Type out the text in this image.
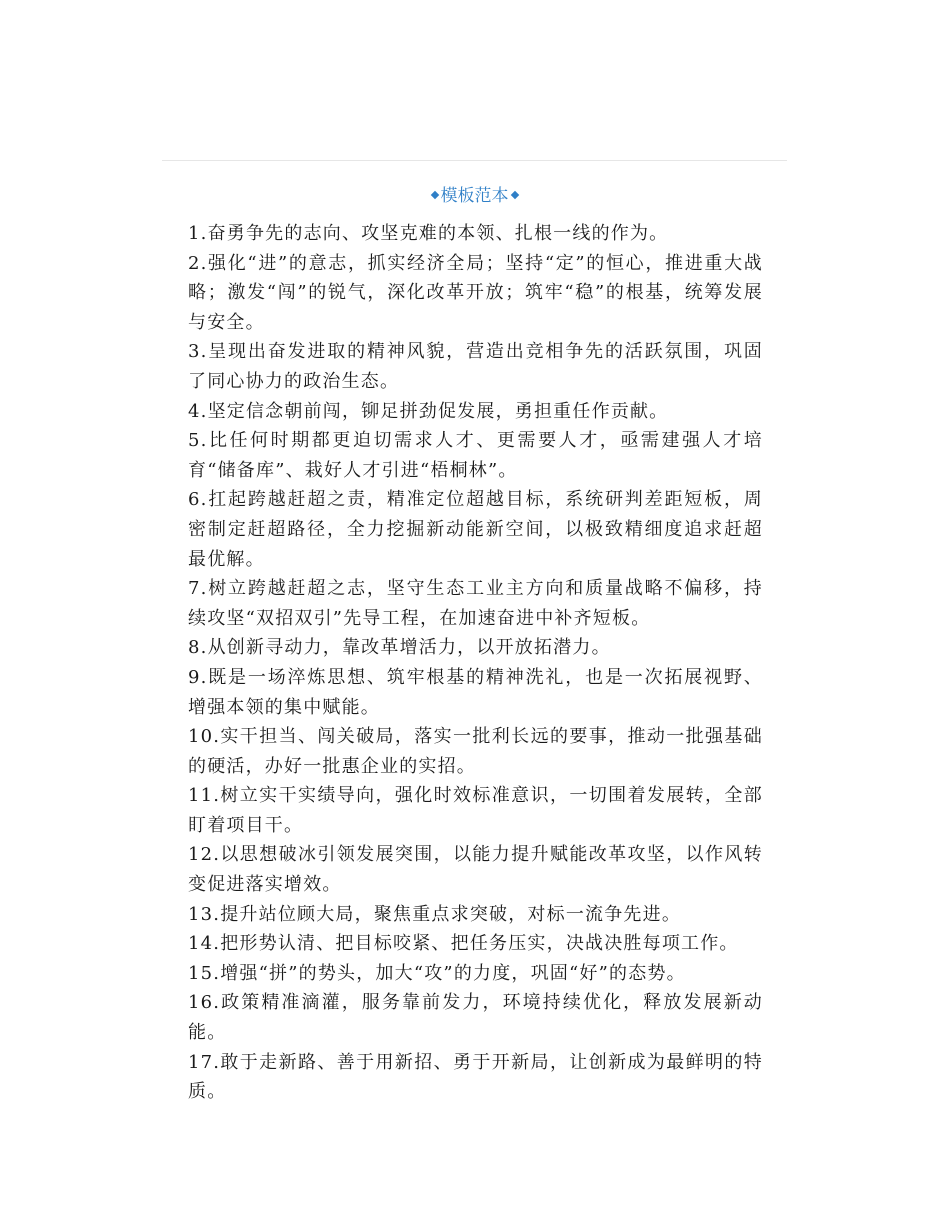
模板范本

1.奋勇争先的志向、攻坚克难的本领、扎根一线的作为。

2.强化“进”的意志，抓实经济全局；坚持“定”的恒心，推进重大战略；激发“闯”的锐气，深化改革开放；筑牢“稳”的根基，统筹发展与安全。

3.呈现出奋发进取的精神风貌，营造出竞相争先的活跃氛围，巩固了同心协力的政治生态。

4.坚定信念朝前闯，铆足拼劲促发展，勇担重任作贡献。

5.比任何时期都更迫切需求人才、更需要人才，亟需建强人才培育“储备库”、栽好人才引进“梧桐林”。

6.扛起跨越赶超之责，精准定位超越目标，系统研判差距短板，周密制定赶超路径，全力挖掘新动能新空间，以极致精细度追求赶超最优解。

7.树立跨越赶超之志，坚守生态工业主方向和质量战略不偏移，持续攻坚“双招双引”先导工程，在加速奋进中补齐短板。

8.从创新寻动力，靠改革增活力，以开放拓潜力。

9.既是一场淬炼思想、筑牢根基的精神洗礼，也是一次拓展视野、增强本领的集中赋能。

10.实干担当、闯关破局，落实一批利长远的要事，推动一批强基础的硬活，办好一批惠企业的实招。

11.树立实干实绩导向，强化时效标准意识，一切围着发展转，全部盯着项目干。

12.以思想破冰引领发展突围，以能力提升赋能改革攻坚，以作风转变促进落实增效。

13.提升站位顾大局，聚焦重点求突破，对标一流争先进。

14.把形势认清、把目标咬紧、把任务压实，决战决胜每项工作。

15.增强“拼”的势头，加大“攻”的力度，巩固“好”的态势。

16.政策精准滴灌，服务靠前发力，环境持续优化，释放发展新动能。

17.敢于走新路、善于用新招、勇于开新局，让创新成为最鲜明的特质。
